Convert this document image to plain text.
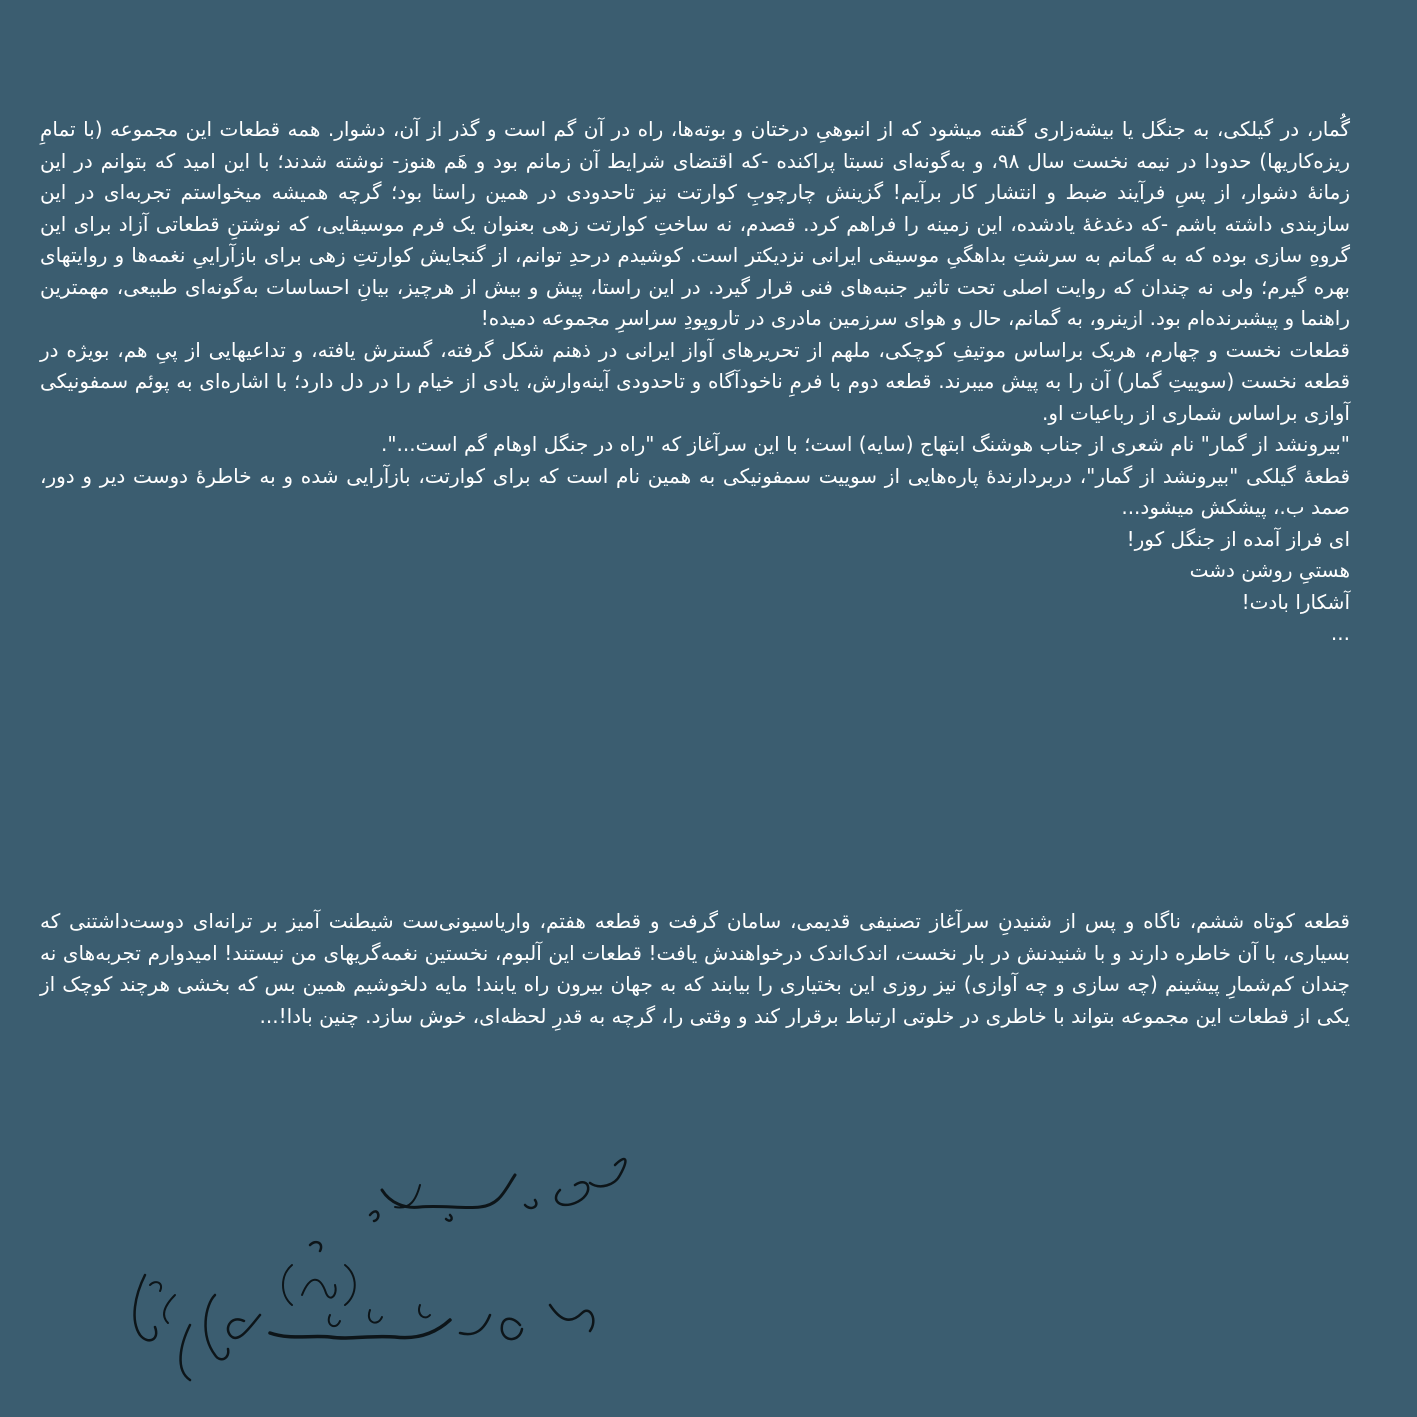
گُمار، در گیلکی، به جنگل یا بیشه‌زاری گفته میشود که از انبوهیِ درختان و بوته‌ها، راه در آن گم است و گذر از آن، دشوار. همه قطعات این مجموعه (با تمامِ ریزه‌کاریها) حدودا در نیمه نخست سال ۹۸، و به‌گونه‌ای نسبتا پراکنده -که اقتضای شرایط آن زمانم بود و هَم هنوز- نوشته شدند؛ با این امید که بتوانم در این زمانهٔ دشوار، از پسِ فرآیند ضبط و انتشار کار برآیم! گزینش چارچوبِ کوارتت نیز تاحدودی در همین راستا بود؛ گرچه همیشه میخواستم تجربه‌ای در این سازبندی داشته باشم -که دغدغهٔ یادشده، این زمینه را فراهم کرد. قصدم، نه ساختِ کوارتت زهی بعنوان یک فرم موسیقایی، که نوشتنِ قطعاتی آزاد برای این گروهِ سازی بوده که به گمانم به سرشتِ بداهگیِ موسیقی ایرانی نزدیکتر است. کوشیدم درحدِ توانم، از گنجایش کوارتتِ زهی برای بازآراییِ نغمه‌ها و روایتهای بهره گیرم؛ ولی نه چندان که روایت اصلی تحت تاثیر جنبه‌های فنی قرار گیرد. در این راستا، پیش و بیش از هرچیز، بیانِ احساسات به‌گونه‌ای طبیعی، مهمترین راهنما و پیشبرنده‌ام بود. ازینرو، به گمانم، حال و هوای سرزمین مادری در تاروپودِ سراسرِ مجموعه دمیده!

قطعات نخست و چهارم، هریک براساس موتیفِ کوچکی، ملهم از تحریرهای آواز ایرانی در ذهنم شکل گرفته، گسترش یافته، و تداعیهایی از پیِ هم، بویژه در قطعه نخست (سوییتِ گمار) آن را به پیش میبرند. قطعه دوم با فرمِ ناخودآگاه و تاحدودی آینه‌وارش، یادی از خیام را در دل دارد؛ با اشاره‌ای به پوئم سمفونیکی آوازی براساس شماری از رباعیات او.

"بیرونشد از گمار" نام شعری از جناب هوشنگ ابتهاج (سایه) است؛ با این سرآغاز که "راه در جنگل اوهام گم است...".

قطعهٔ گیلکی "بیرونشد از گمار"، دربردارندهٔ پاره‌هایی از سوییت سمفونیکی به همین نام است که برای کوارتت، بازآرایی شده و به خاطرهٔ دوست دیر و دور، صمد ب.، پیشکش میشود...

ای فراز آمده از جنگل کور!

هستیِ روشن دشت

آشکارا بادت!

...

قطعه کوتاه ششم، ناگاه و پس از شنیدنِ سرآغاز تصنیفی قدیمی، سامان گرفت و قطعه هفتم، واریاسیونی‌ست شیطنت آمیز بر ترانه‌ای دوست‌داشتنی که بسیاری، با آن خاطره دارند و با شنیدنش در بار نخست، اندک‌اندک درخواهندش یافت! قطعات این آلبوم، نخستین نغمه‌گریهای من نیستند! امیدوارم تجربه‌های نه چندان کم‌شمارِ پیشینم (چه سازی و چه آوازی) نیز روزی این بختیاری را بیابند که به جهان بیرون راه یابند! مایه دلخوشیم همین بس که بخشی هرچند کوچک از یکی از قطعات این مجموعه بتواند با خاطری در خلوتی ارتباط برقرار کند و وقتی را، گرچه به قدرِ لحظه‌ای، خوش سازد. چنین بادا!...
